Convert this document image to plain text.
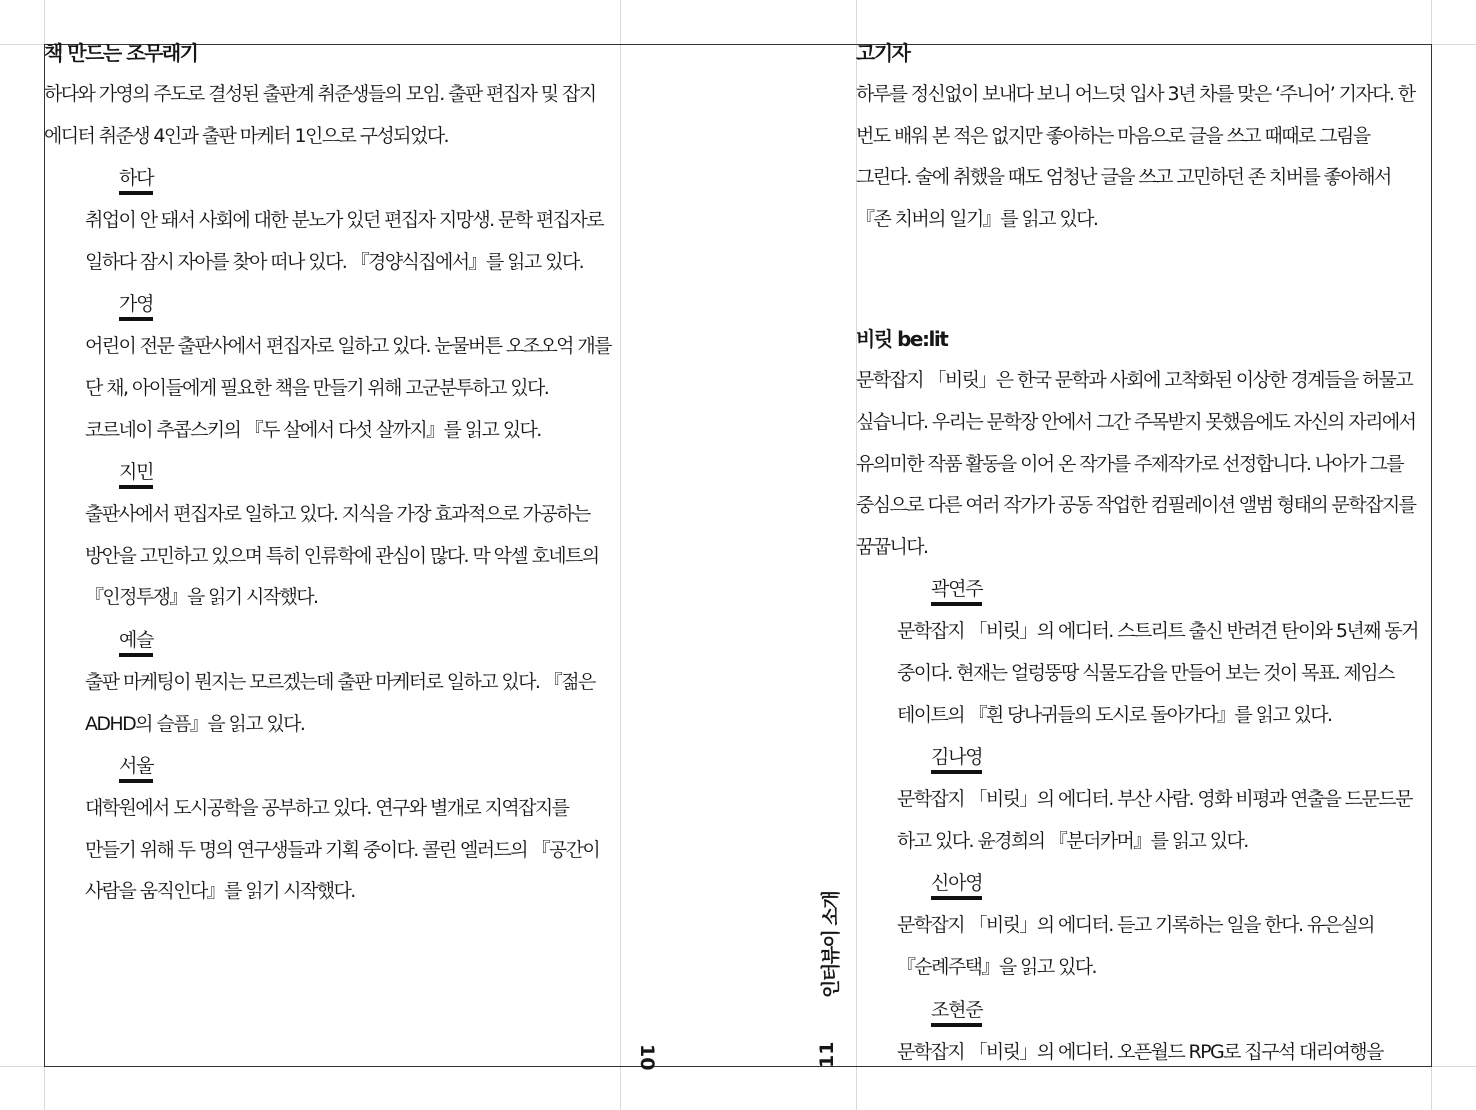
책 만드는 조무래기

하다와 가영의 주도로 결성된 출판계 취준생들의 모임. 출판 편집자 및 잡지 에디터 취준생 4인과 출판 마케터 1인으로 구성되었다.

하다

취업이 안 돼서 사회에 대한 분노가 있던 편집자 지망생. 문학 편집자로 일하다 잠시 자아를 찾아 떠나 있다. 『경양식집에서』를 읽고 있다.

가영

어린이 전문 출판사에서 편집자로 일하고 있다. 눈물버튼 오조오억 개를 단 채, 아이들에게 필요한 책을 만들기 위해 고군분투하고 있다. 코르네이 추콥스키의 『두 살에서 다섯 살까지』를 읽고 있다.

지민

출판사에서 편집자로 일하고 있다. 지식을 가장 효과적으로 가공하는 방안을 고민하고 있으며 특히 인류학에 관심이 많다. 막 악셀 호네트의 『인정투쟁』을 읽기 시작했다.

예슬

출판 마케팅이 뭔지는 모르겠는데 출판 마케터로 일하고 있다. 『젊은 ADHD의 슬픔』을 읽고 있다.

서울

대학원에서 도시공학을 공부하고 있다. 연구와 별개로 지역잡지를 만들기 위해 두 명의 연구생들과 기획 중이다. 콜린 엘러드의 『공간이 사람을 움직인다』를 읽기 시작했다.

고기자

하루를 정신없이 보내다 보니 어느덧 입사 3년 차를 맞은 ‘주니어’ 기자다. 한 번도 배워 본 적은 없지만 좋아하는 마음으로 글을 쓰고 때때로 그림을 그린다. 술에 취했을 때도 엄청난 글을 쓰고 고민하던 존 치버를 좋아해서 『존 치버의 일기』를 읽고 있다.

비릿 be:lit

문학잡지 「비릿」은 한국 문학과 사회에 고착화된 이상한 경계들을 허물고 싶습니다. 우리는 문학장 안에서 그간 주목받지 못했음에도 자신의 자리에서 유의미한 작품 활동을 이어 온 작가를 주제작가로 선정합니다. 나아가 그를 중심으로 다른 여러 작가가 공동 작업한 컴필레이션 앨범 형태의 문학잡지를 꿈꿉니다.

곽연주

문학잡지 「비릿」의 에디터. 스트리트 출신 반려견 탄이와 5년째 동거 중이다. 현재는 얼렁뚱땅 식물도감을 만들어 보는 것이 목표. 제임스 테이트의 『흰 당나귀들의 도시로 돌아가다』를 읽고 있다.

김나영

문학잡지 「비릿」의 에디터. 부산 사람. 영화 비평과 연출을 드문드문 하고 있다. 윤경희의 『분더카머』를 읽고 있다.

신아영

문학잡지 「비릿」의 에디터. 듣고 기록하는 일을 한다. 유은실의 『순례주택』을 읽고 있다.

조현준

문학잡지 「비릿」의 에디터. 오픈월드 RPG로 집구석 대리여행을

10
인터뷰이 소개
11
